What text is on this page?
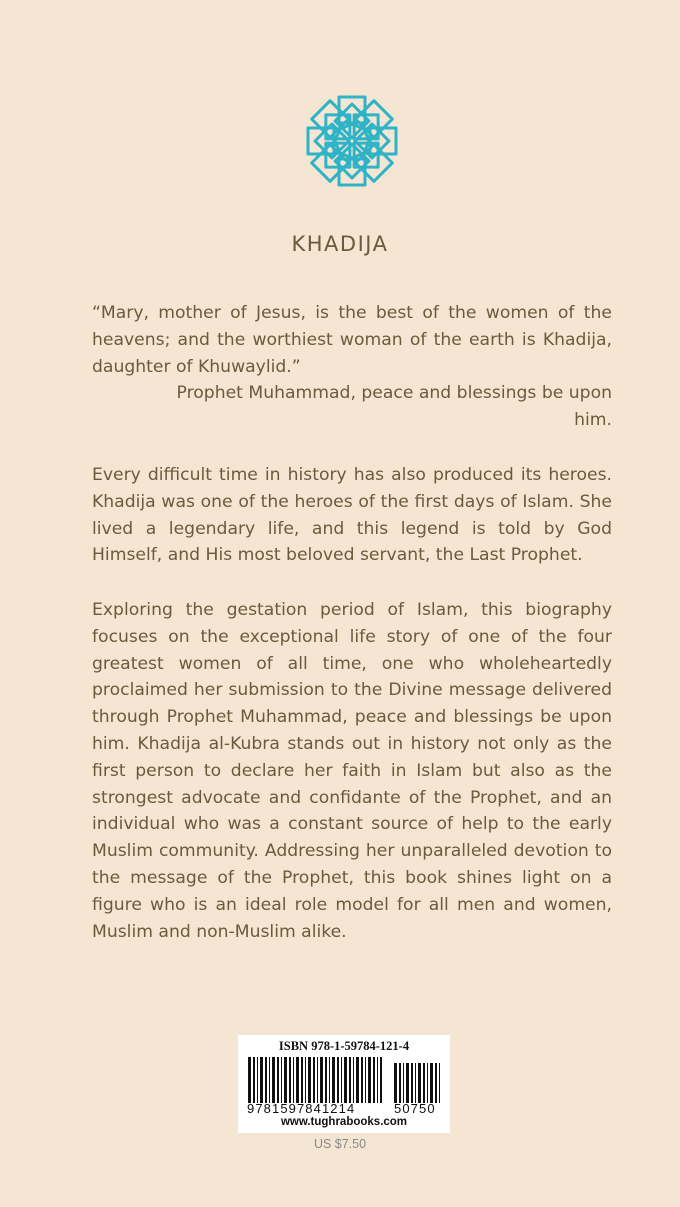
KHADIJA
“Mary, mother of Jesus, is the best of the women of the heavens; and the worthiest woman of the earth is Khadija, daughter of Khuwaylid.”
Prophet Muhammad, peace and blessings be upon him.
Every difficult time in history has also produced its heroes. Khadija was one of the heroes of the first days of Islam. She lived a legendary life, and this legend is told by God Himself, and His most beloved servant, the Last Prophet.
Exploring the gestation period of Islam, this biography focuses on the exceptional life story of one of the four greatest women of all time, one who wholeheartedly proclaimed her submission to the Divine message delivered through Prophet Muhammad, peace and blessings be upon him. Khadija al-Kubra stands out in history not only as the first person to declare her faith in Islam but also as the strongest advocate and confidante of the Prophet, and an individual who was a constant source of help to the early Muslim community. Addressing her unparalleled devotion to the message of the Prophet, this book shines light on a figure who is an ideal role model for all men and women, Muslim and non-Muslim alike.
ISBN 978-1-59784-121-4
9781597841214	50750
www.tughrabooks.com
US $7.50
